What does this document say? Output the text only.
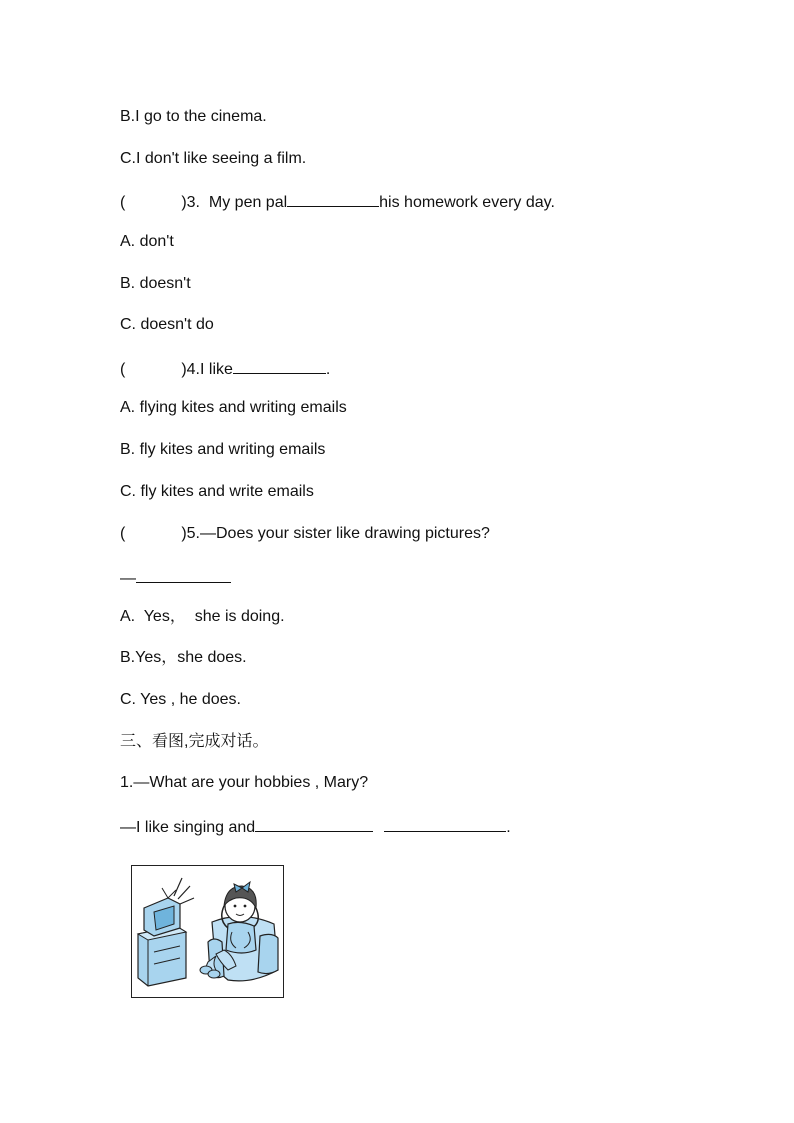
B.I go to the cinema.
C.I don't like seeing a film.
(	)3.  My pen pal	his homework every day.
A. don't
B. doesn't
C. doesn't do
(	)4.I like	.
A. flying kites and writing emails
B. fly kites and writing emails
C. fly kites and write emails
(	)5.—Does your sister like drawing pictures?
—
A.  Yes，  she is doing.
B.Yes，she does.
C. Yes , he does.
三、看图,完成对话。
1.—What are your hobbies , Mary?
—I like singing and	.
